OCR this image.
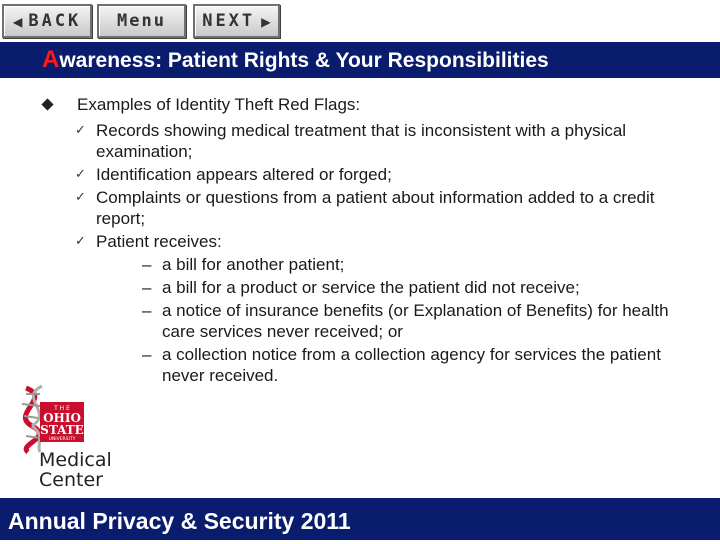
◀ BACK Menu NEXT ▶
Awareness: Patient Rights & Your Responsibilities
Examples of Identity Theft Red Flags:
✓ Records showing medical treatment that is inconsistent with a physical examination;
✓ Identification appears altered or forged;
✓ Complaints or questions from a patient about information added to a credit report;
✓ Patient receives:
– a bill for another patient;
– a bill for a product or service the patient did not receive;
– a notice of insurance benefits (or Explanation of Benefits) for health care services never received; or
– a collection notice from a collection agency for services the patient never received.
T H E
OHIO
STATE
UNIVERSITY
Medical
Center
Annual Privacy & Security 2011
